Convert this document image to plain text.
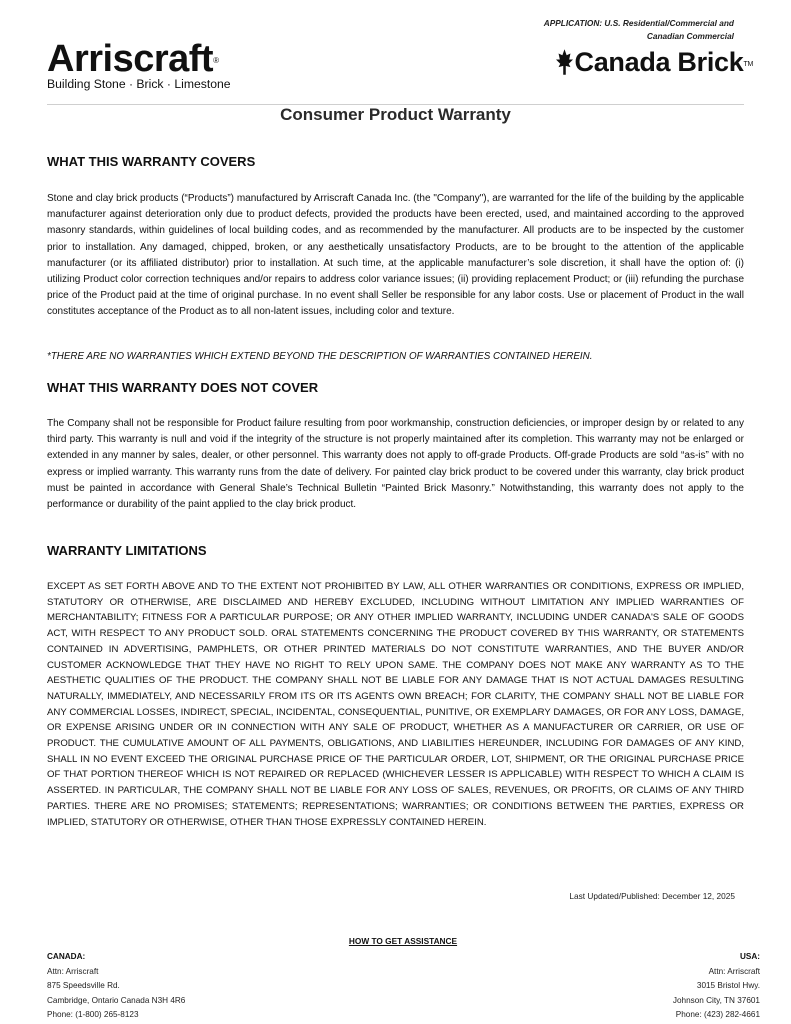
APPLICATION: U.S. Residential/Commercial and
Canadian Commercial
Arriscraft®
Building Stone · Brick · Limestone
Canada Brick™
Consumer Product Warranty
WHAT THIS WARRANTY COVERS

Stone and clay brick products (“Products”) manufactured by Arriscraft Canada Inc. (the "Company"), are warranted for the life of the building by the applicable manufacturer against deterioration only due to product defects, provided the products have been erected, used, and maintained according to the approved masonry standards, within guidelines of local building codes, and as recommended by the manufacturer. All products are to be inspected by the customer prior to installation. Any damaged, chipped, broken, or any aesthetically unsatisfactory Products, are to be brought to the attention of the applicable manufacturer (or its affiliated distributor) prior to installation. At such time, at the applicable manufacturer’s sole discretion, it shall have the option of: (i) utilizing Product color correction techniques and/or repairs to address color variance issues; (ii) providing replacement Product; or (iii) refunding the purchase price of the Product paid at the time of original purchase. In no event shall Seller be responsible for any labor costs. Use or placement of Product in the wall constitutes acceptance of the Product as to all non-latent issues, including color and texture.

*THERE ARE NO WARRANTIES WHICH EXTEND BEYOND THE DESCRIPTION OF WARRANTIES CONTAINED HEREIN.

WHAT THIS WARRANTY DOES NOT COVER

The Company shall not be responsible for Product failure resulting from poor workmanship, construction deficiencies, or improper design by or related to any third party. This warranty is null and void if the integrity of the structure is not properly maintained after its completion. This warranty may not be enlarged or extended in any manner by sales, dealer, or other personnel. This warranty does not apply to off-grade Products. Off-grade Products are sold “as-is” with no express or implied warranty. This warranty runs from the date of delivery. For painted clay brick product to be covered under this warranty, clay brick product must be painted in accordance with General Shale’s Technical Bulletin “Painted Brick Masonry.” Notwithstanding, this warranty does not apply to the performance or durability of the paint applied to the clay brick product.

WARRANTY LIMITATIONS

EXCEPT AS SET FORTH ABOVE AND TO THE EXTENT NOT PROHIBITED BY LAW, ALL OTHER WARRANTIES OR CONDITIONS, EXPRESS OR IMPLIED, STATUTORY OR OTHERWISE, ARE DISCLAIMED AND HEREBY EXCLUDED, INCLUDING WITHOUT LIMITATION ANY IMPLIED WARRANTIES OF MERCHANTABILITY; FITNESS FOR A PARTICULAR PURPOSE; OR ANY OTHER IMPLIED WARRANTY, INCLUDING UNDER CANADA'S SALE OF GOODS ACT, WITH RESPECT TO ANY PRODUCT SOLD. ORAL STATEMENTS CONCERNING THE PRODUCT COVERED BY THIS WARRANTY, OR STATEMENTS CONTAINED IN ADVERTISING, PAMPHLETS, OR OTHER PRINTED MATERIALS DO NOT CONSTITUTE WARRANTIES, AND THE BUYER AND/OR CUSTOMER ACKNOWLEDGE THAT THEY HAVE NO RIGHT TO RELY UPON SAME. THE COMPANY DOES NOT MAKE ANY WARRANTY AS TO THE AESTHETIC QUALITIES OF THE PRODUCT. THE COMPANY SHALL NOT BE LIABLE FOR ANY DAMAGE THAT IS NOT ACTUAL DAMAGES RESULTING NATURALLY, IMMEDIATELY, AND NECESSARILY FROM ITS OR ITS AGENTS OWN BREACH; FOR CLARITY, THE COMPANY SHALL NOT BE LIABLE FOR ANY COMMERCIAL LOSSES, INDIRECT, SPECIAL, INCIDENTAL, CONSEQUENTIAL, PUNITIVE, OR EXEMPLARY DAMAGES, OR FOR ANY LOSS, DAMAGE, OR EXPENSE ARISING UNDER OR IN CONNECTION WITH ANY SALE OF PRODUCT, WHETHER AS A MANUFACTURER OR CARRIER, OR USE OF PRODUCT. THE CUMULATIVE AMOUNT OF ALL PAYMENTS, OBLIGATIONS, AND LIABILITIES HEREUNDER, INCLUDING FOR DAMAGES OF ANY KIND, SHALL IN NO EVENT EXCEED THE ORIGINAL PURCHASE PRICE OF THE PARTICULAR ORDER, LOT, SHIPMENT, OR THE ORIGINAL PURCHASE PRICE OF THAT PORTION THEREOF WHICH IS NOT REPAIRED OR REPLACED (WHICHEVER LESSER IS APPLICABLE) WITH RESPECT TO WHICH A CLAIM IS ASSERTED. IN PARTICULAR, THE COMPANY SHALL NOT BE LIABLE FOR ANY LOSS OF SALES, REVENUES, OR PROFITS, OR CLAIMS OF ANY THIRD PARTIES. THERE ARE NO PROMISES; STATEMENTS; REPRESENTATIONS; WARRANTIES; OR CONDITIONS BETWEEN THE PARTIES, EXPRESS OR IMPLIED, STATUTORY OR OTHERWISE, OTHER THAN THOSE EXPRESSLY CONTAINED HEREIN.

Last Updated/Published: December 12, 2025
HOW TO GET ASSISTANCE
CANADA:
Attn: Arriscraft
875 Speedsville Rd.
Cambridge, Ontario Canada N3H 4R6
Phone: (1-800) 265-8123
USA:
Attn: Arriscraft
3015 Bristol Hwy.
Johnson City, TN 37601
Phone: (423) 282-4661
